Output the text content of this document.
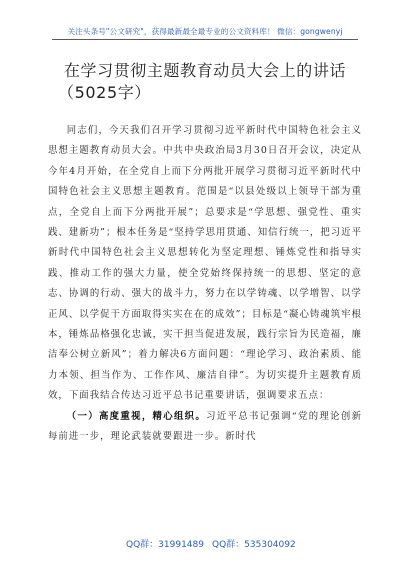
关注头条号"公文研究"，获得最新最全最专业的公文资料库！ 微信：gongwenyj
在学习贯彻主题教育动员大会上的讲话
（5025字）

同志们，今天我们召开学习贯彻习近平新时代中国特色社会主义思想主题教育动员大会。中共中央政治局3月30日召开会议，决定从今年4月开始，在全党自上而下分两批开展学习贯彻习近平新时代中国特色社会主义思想主题教育。范围是“以县处级以上领导干部为重点，全党自上而下分两批开展”；总要求是“学思想、强党性、重实践、建新功”；根本任务是“坚持学思用贯通、知信行统一，把习近平新时代中国特色社会主义思想转化为坚定理想、锤炼党性和指导实践、推动工作的强大力量，使全党始终保持统一的思想、坚定的意志、协调的行动、强大的战斗力，努力在以学铸魂、以学增智、以学正风、以学促干方面取得实实在在的成效”；目标是“凝心铸魂筑牢根本，锤炼品格强化忠诚，实干担当促进发展，践行宗旨为民造福，廉洁奉公树立新风”；着力解决6方面问题：“理论学习、政治素质、能力本领、担当作为、工作作风、廉洁自律”。为切实提升主题教育质效，下面我结合传达习近平总书记重要讲话，强调要求五点：

（一）高度重视，精心组织。习近平总书记强调“党的理论创新每前进一步，理论武装就要跟进一步。新时代

QQ群：31991489 QQ群：535304092
